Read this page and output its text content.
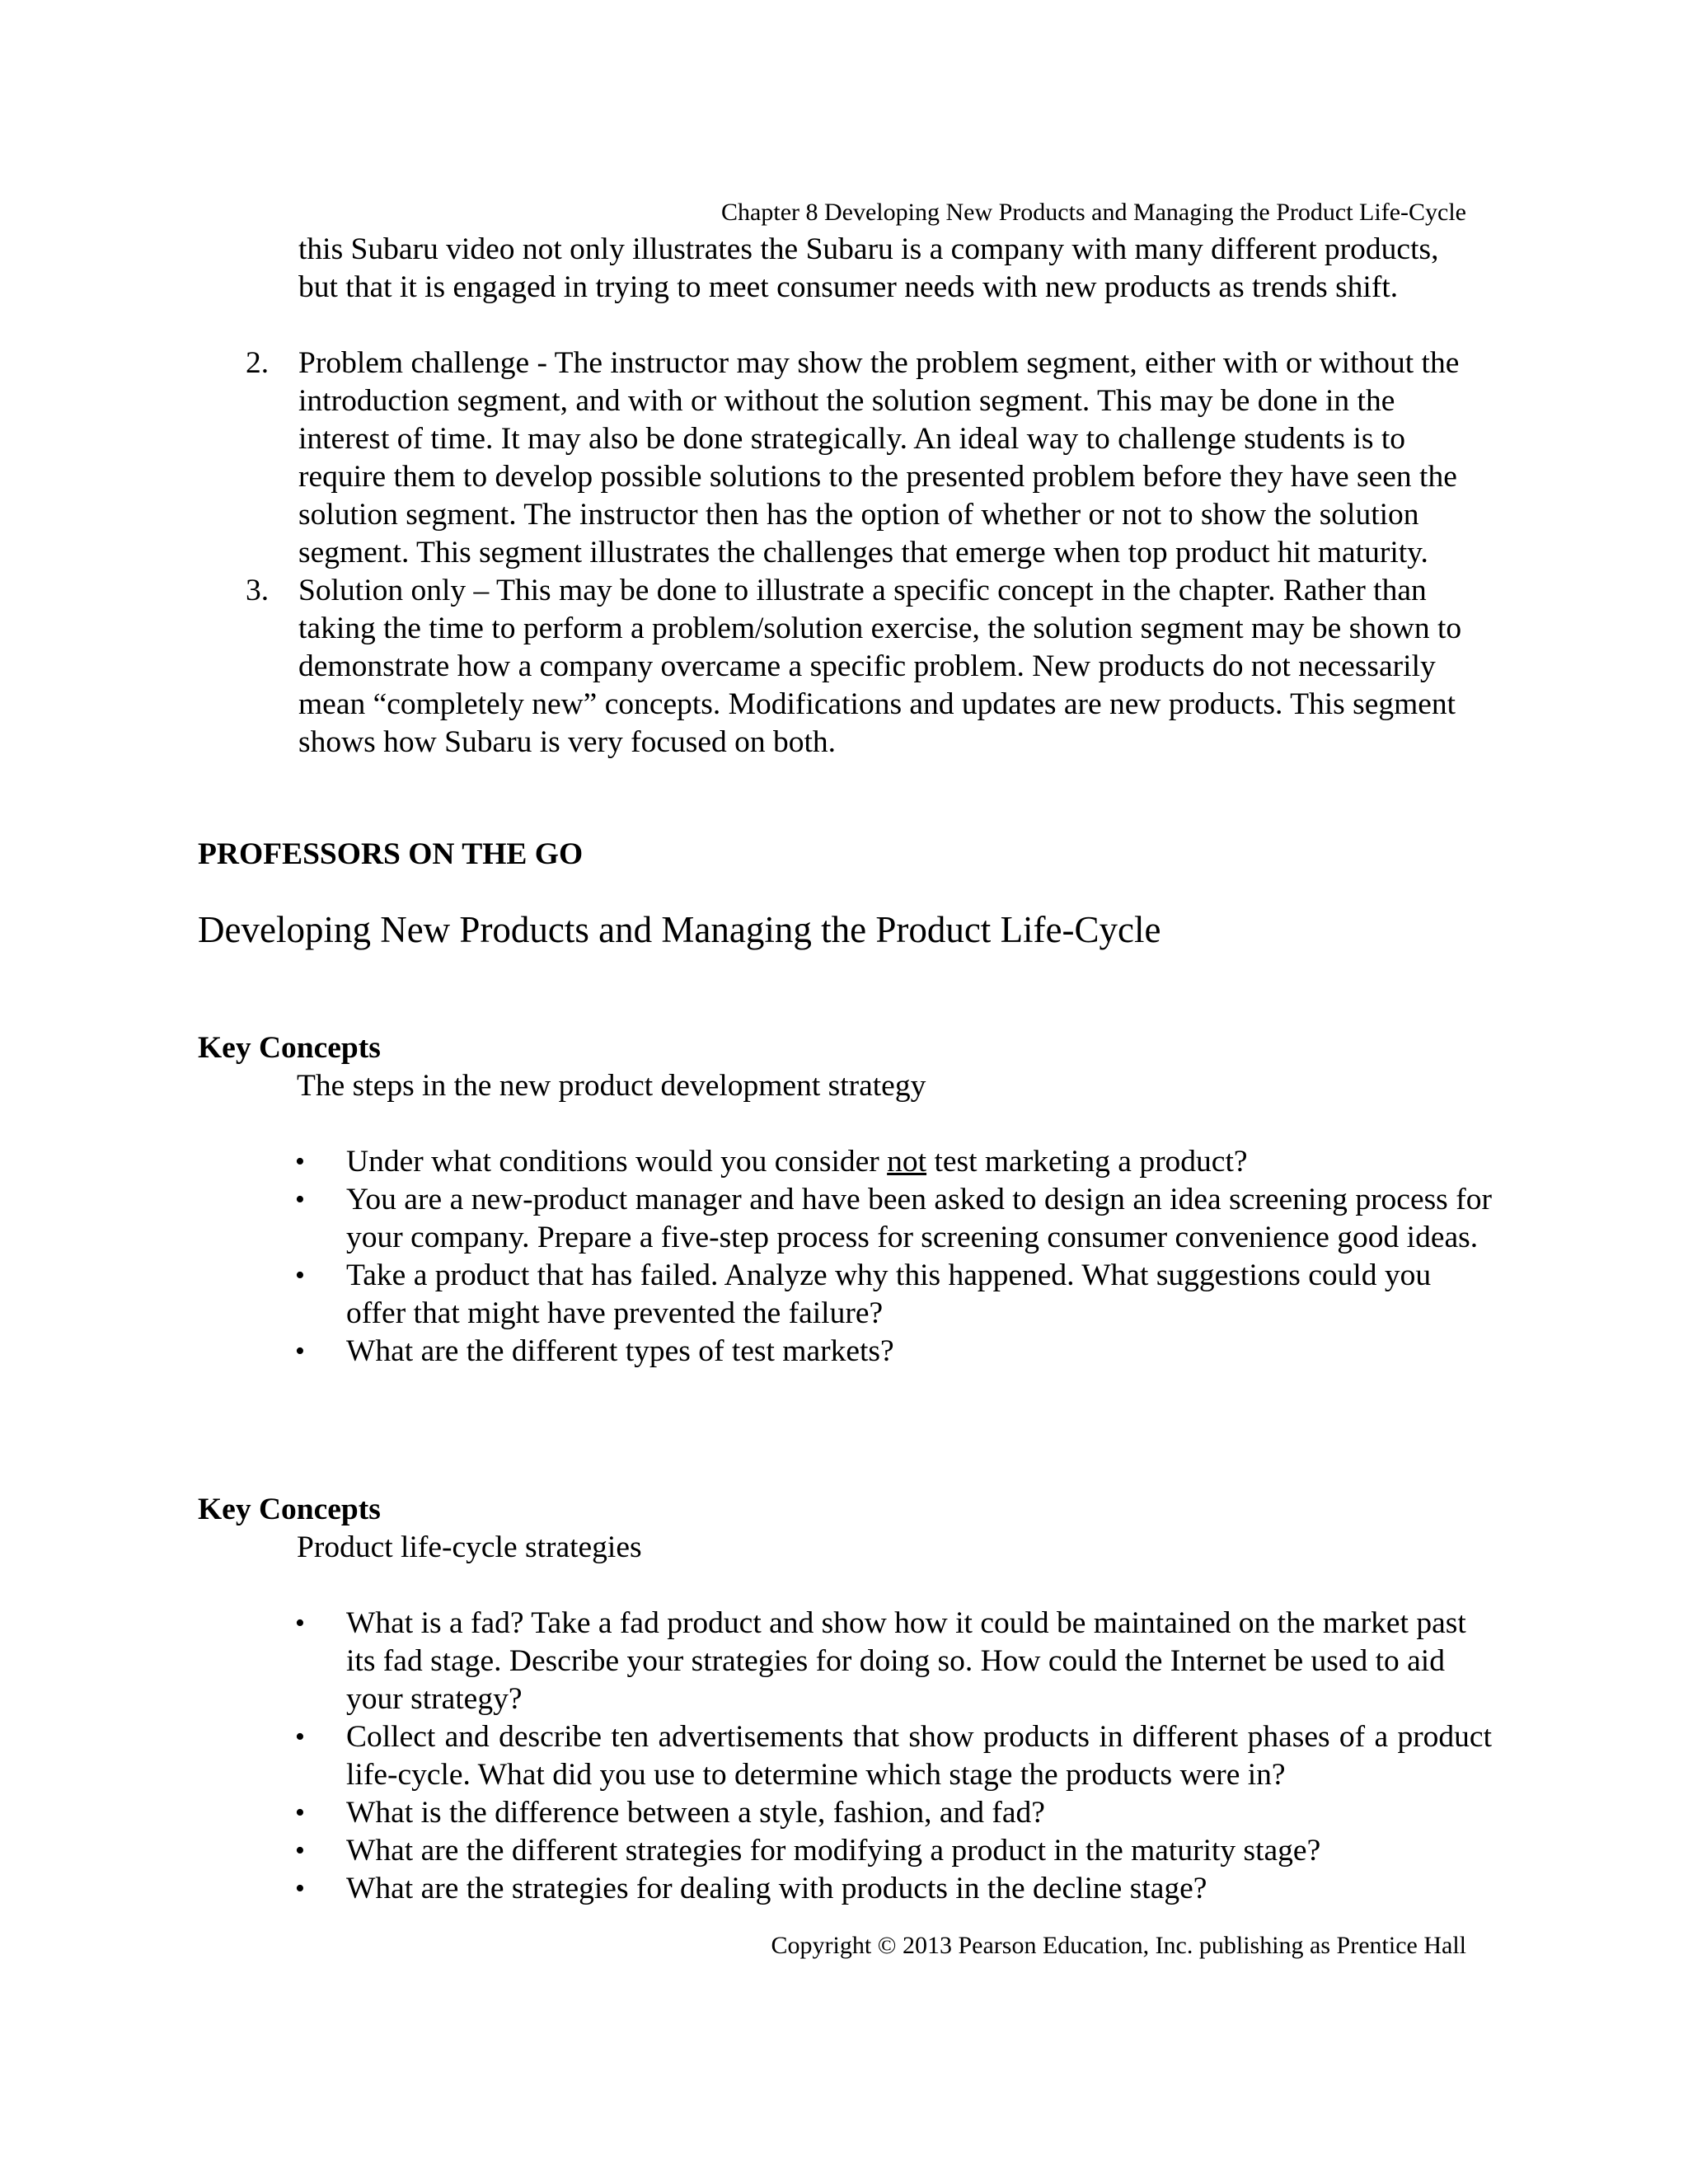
Chapter 8 Developing New Products and Managing the Product Life-Cycle
this Subaru video not only illustrates the Subaru is a company with many different products, but that it is engaged in trying to meet consumer needs with new products as trends shift.
2. Problem challenge - The instructor may show the problem segment, either with or without the introduction segment, and with or without the solution segment. This may be done in the interest of time. It may also be done strategically. An ideal way to challenge students is to require them to develop possible solutions to the presented problem before they have seen the solution segment. The instructor then has the option of whether or not to show the solution segment. This segment illustrates the challenges that emerge when top product hit maturity.
3. Solution only – This may be done to illustrate a specific concept in the chapter. Rather than taking the time to perform a problem/solution exercise, the solution segment may be shown to demonstrate how a company overcame a specific problem. New products do not necessarily mean “completely new” concepts. Modifications and updates are new products. This segment shows how Subaru is very focused on both.
PROFESSORS ON THE GO
Developing New Products and Managing the Product Life-Cycle
Key Concepts
The steps in the new product development strategy
• Under what conditions would you consider not test marketing a product?
• You are a new-product manager and have been asked to design an idea screening process for your company. Prepare a five-step process for screening consumer convenience good ideas.
• Take a product that has failed. Analyze why this happened. What suggestions could you offer that might have prevented the failure?
• What are the different types of test markets?
Key Concepts
Product life-cycle strategies
• What is a fad? Take a fad product and show how it could be maintained on the market past its fad stage. Describe your strategies for doing so. How could the Internet be used to aid your strategy?
• Collect and describe ten advertisements that show products in different phases of a product life-cycle. What did you use to determine which stage the products were in?
• What is the difference between a style, fashion, and fad?
• What are the different strategies for modifying a product in the maturity stage?
• What are the strategies for dealing with products in the decline stage?
Copyright © 2013 Pearson Education, Inc. publishing as Prentice Hall
